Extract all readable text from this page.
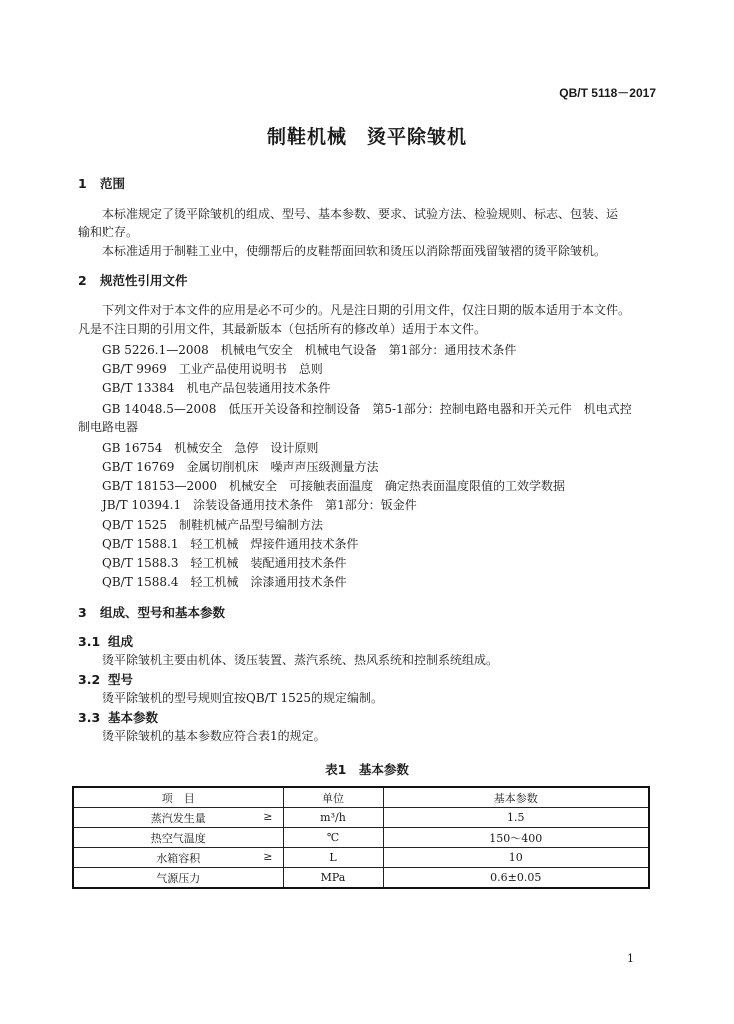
QB/T 5118－2017
制鞋机械　烫平除皱机
1 范围
本标准规定了烫平除皱机的组成、型号、基本参数、要求、试验方法、检验规则、标志、包装、运
输和贮存。
本标准适用于制鞋工业中，使绷帮后的皮鞋帮面回软和烫压以消除帮面残留皱褶的烫平除皱机。
2 规范性引用文件
下列文件对于本文件的应用是必不可少的。凡是注日期的引用文件，仅注日期的版本适用于本文件。
凡是不注日期的引用文件，其最新版本（包括所有的修改单）适用于本文件。
GB 5226.1—2008　机械电气安全　机械电气设备　第1部分：通用技术条件
GB/T 9969　工业产品使用说明书　总则
GB/T 13384　机电产品包装通用技术条件
GB 14048.5—2008　低压开关设备和控制设备　第5-1部分：控制电路电器和开关元件　机电式控
制电路电器
GB 16754　机械安全　急停　设计原则
GB/T 16769　金属切削机床　噪声声压级测量方法
GB/T 18153—2000　机械安全　可接触表面温度　确定热表面温度限值的工效学数据
JB/T 10394.1　涂装设备通用技术条件　第1部分：钣金件
QB/T 1525　制鞋机械产品型号编制方法
QB/T 1588.1　轻工机械　焊接件通用技术条件
QB/T 1588.3　轻工机械　装配通用技术条件
QB/T 1588.4　轻工机械　涂漆通用技术条件
3 组成、型号和基本参数
3.1 组成
烫平除皱机主要由机体、烫压装置、蒸汽系统、热风系统和控制系统组成。
3.2 型号
烫平除皱机的型号规则宜按QB/T 1525的规定编制。
3.3 基本参数
烫平除皱机的基本参数应符合表1的规定。
表1　基本参数
项　目	单位	基本参数
蒸汽发生量 ≥	m³/h	1.5
热空气温度	℃	150～400
水箱容积 ≥	L	10
气源压力	MPa	0.6±0.05
1
